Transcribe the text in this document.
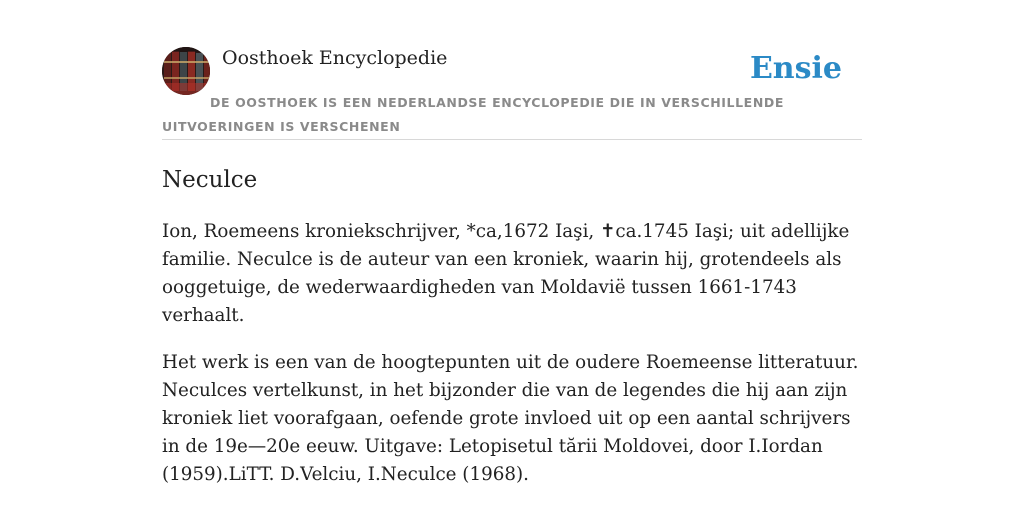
Oosthoek Encyclopedie	Ensie
DE OOSTHOEK IS EEN NEDERLANDSE ENCYCLOPEDIE DIE IN VERSCHILLENDE UITVOERINGEN IS VERSCHENEN
Neculce

Ion, Roemeens kroniekschrijver, *ca,1672 Iaşi, ✝ca.1745 Iaşi; uit adellijke familie. Neculce is de auteur van een kroniek, waarin hij, grotendeels als ooggetuige, de wederwaardigheden van Moldavië tussen 1661-1743 verhaalt.

Het werk is een van de hoogtepunten uit de oudere Roemeense litteratuur. Neculces vertelkunst, in het bijzonder die van de legendes die hij aan zijn kroniek liet voorafgaan, oefende grote invloed uit op een aantal schrijvers in de 19e—20e eeuw. Uitgave: Letopisetul tării Moldovei, door I.Iordan (1959).LiTT. D.Velciu, I.Neculce (1968).
